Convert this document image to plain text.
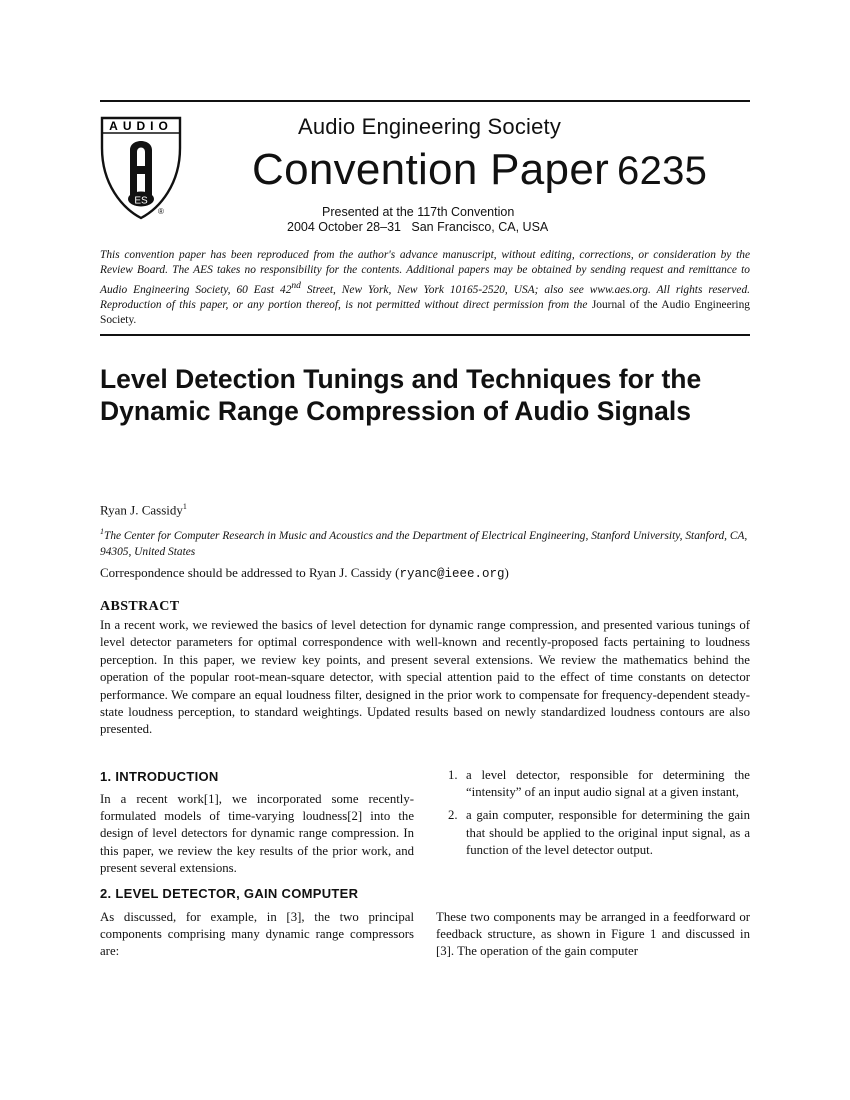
AUDIO
ES
®
Audio Engineering Society
Convention Paper 6235
Presented at the 117th Convention
2004 October 28–31   San Francisco, CA, USA
This convention paper has been reproduced from the author's advance manuscript, without editing, corrections, or consideration by the Review Board. The AES takes no responsibility for the contents. Additional papers may be obtained by sending request and remittance to Audio Engineering Society, 60 East 42nd Street, New York, New York 10165-2520, USA; also see www.aes.org. All rights reserved. Reproduction of this paper, or any portion thereof, is not permitted without direct permission from the Journal of the Audio Engineering Society.
Level Detection Tunings and Techniques for the Dynamic Range Compression of Audio Signals
Ryan J. Cassidy$^1$
$^1$The Center for Computer Research in Music and Acoustics and the Department of Electrical Engineering, Stanford University, Stanford, CA, 94305, United States
Correspondence should be addressed to Ryan J. Cassidy (ryanc@ieee.org)
ABSTRACT

In a recent work, we reviewed the basics of level detection for dynamic range compression, and presented various tunings of level detector parameters for optimal correspondence with well-known and recently-proposed facts pertaining to loudness perception. In this paper, we review key points, and present several extensions. We review the mathematics behind the operation of the popular root-mean-square detector, with special attention paid to the effect of time constants on detector performance. We compare an equal loudness filter, designed in the prior work to compensate for frequency-dependent steady-state loudness perception, to standard weightings. Updated results based on newly standardized loudness contours are also presented.

1. INTRODUCTION

In a recent work[1], we incorporated some recently-formulated models of time-varying loudness[2] into the design of level detectors for dynamic range compression. In this paper, we review the key results of the prior work, and present several extensions.

2. LEVEL DETECTOR, GAIN COMPUTER

As discussed, for example, in [3], the two principal components comprising many dynamic range compressors are:

1. a level detector, responsible for determining the “intensity” of an input audio signal at a given instant,
2. a gain computer, responsible for determining the gain that should be applied to the original input signal, as a function of the level detector output.

These two components may be arranged in a feedforward or feedback structure, as shown in Figure 1 and discussed in [3]. The operation of the gain computer
